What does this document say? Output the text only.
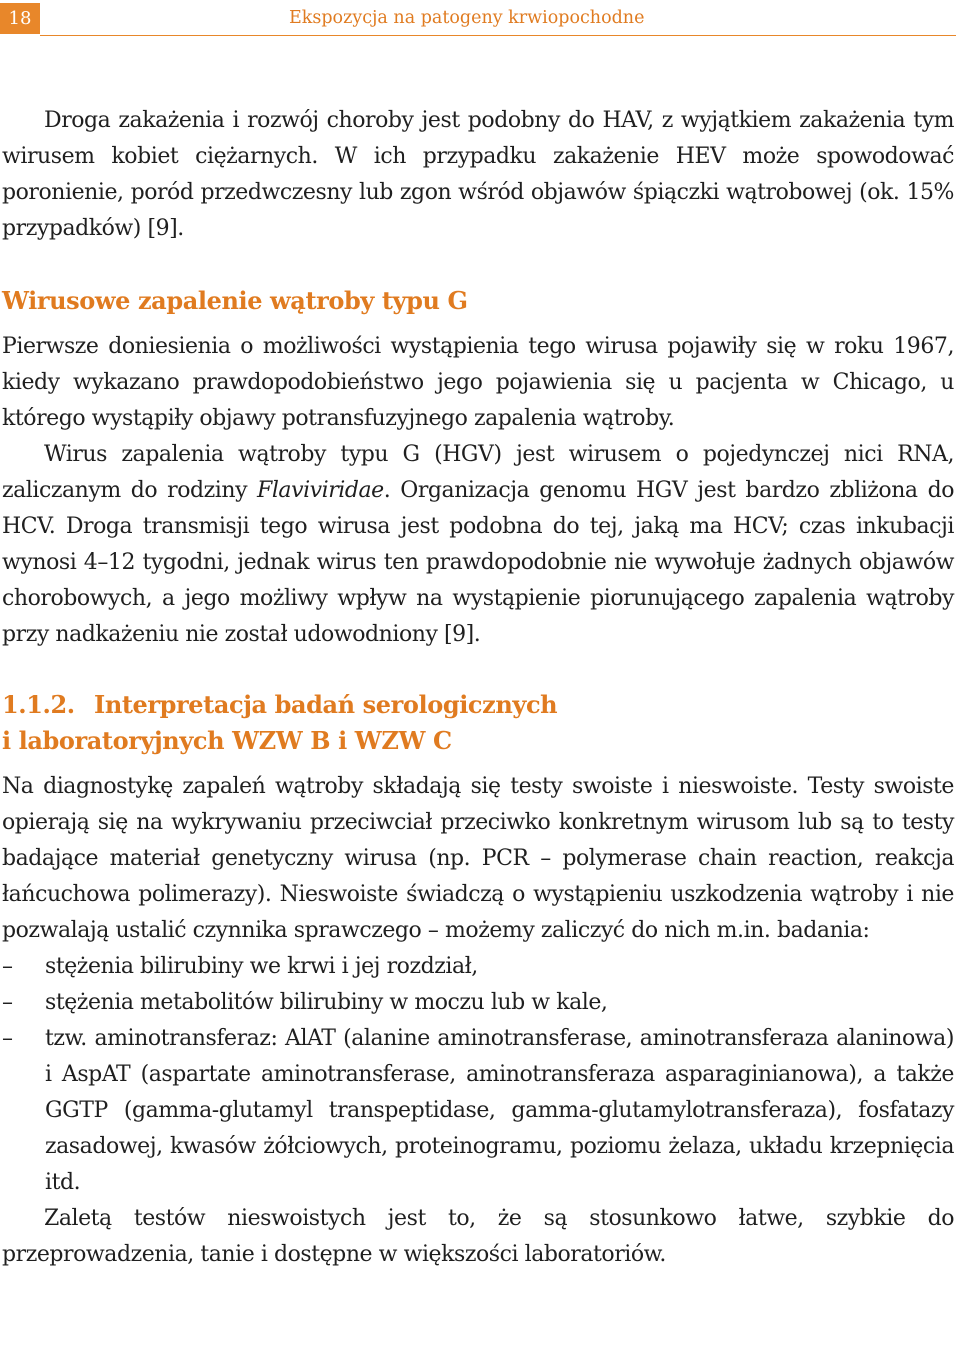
18	Ekspozycja na patogeny krwiopochodne

Droga zakażenia i rozwój choroby jest podobny do HAV, z wyjątkiem zakażenia tym wirusem kobiet ciężarnych. W ich przypadku zakażenie HEV może spowodować poronienie, poród przedwczesny lub zgon wśród objawów śpiączki wątrobowej (ok. 15% przypadków) [9].

Wirusowe zapalenie wątroby typu G

Pierwsze doniesienia o możliwości wystąpienia tego wirusa pojawiły się w roku 1967, kiedy wykazano prawdopodobieństwo jego pojawienia się u pacjenta w Chicago, u którego wystąpiły objawy potransfuzyjnego zapalenia wątroby.

Wirus zapalenia wątroby typu G (HGV) jest wirusem o pojedynczej nici RNA, zaliczanym do rodziny Flaviviridae. Organizacja genomu HGV jest bardzo zbliżona do HCV. Droga transmisji tego wirusa jest podobna do tej, jaką ma HCV; czas inkubacji wynosi 4–12 tygodni, jednak wirus ten prawdopodobnie nie wywołuje żadnych objawów chorobowych, a jego możliwy wpływ na wystąpienie piorunującego zapalenia wątroby przy nadkażeniu nie został udowodniony [9].

1.1.2. Interpretacja badań serologicznych
i laboratoryjnych WZW B i WZW C

Na diagnostykę zapaleń wątroby składają się testy swoiste i nieswoiste. Testy swoiste opierają się na wykrywaniu przeciwciał przeciwko konkretnym wirusom lub są to testy badające materiał genetyczny wirusa (np. PCR – polymerase chain reaction, reakcja łańcuchowa polimerazy). Nieswoiste świadczą o wystąpieniu uszkodzenia wątroby i nie pozwalają ustalić czynnika sprawczego – możemy zaliczyć do nich m.in. badania:

– stężenia bilirubiny we krwi i jej rozdział,
– stężenia metabolitów bilirubiny w moczu lub w kale,
– tzw. aminotransferaz: AlAT (alanine aminotransferase, aminotransferaza alaninowa) i AspAT (aspartate aminotransferase, aminotransferaza asparaginianowa), a także GGTP (gamma-glutamyl transpeptidase, gamma-glutamylotransferaza), fosfatazy zasadowej, kwasów żółciowych, proteinogramu, poziomu żelaza, układu krzepnięcia itd.

Zaletą testów nieswoistych jest to, że są stosunkowo łatwe, szybkie do przeprowadzenia, tanie i dostępne w większości laboratoriów.
